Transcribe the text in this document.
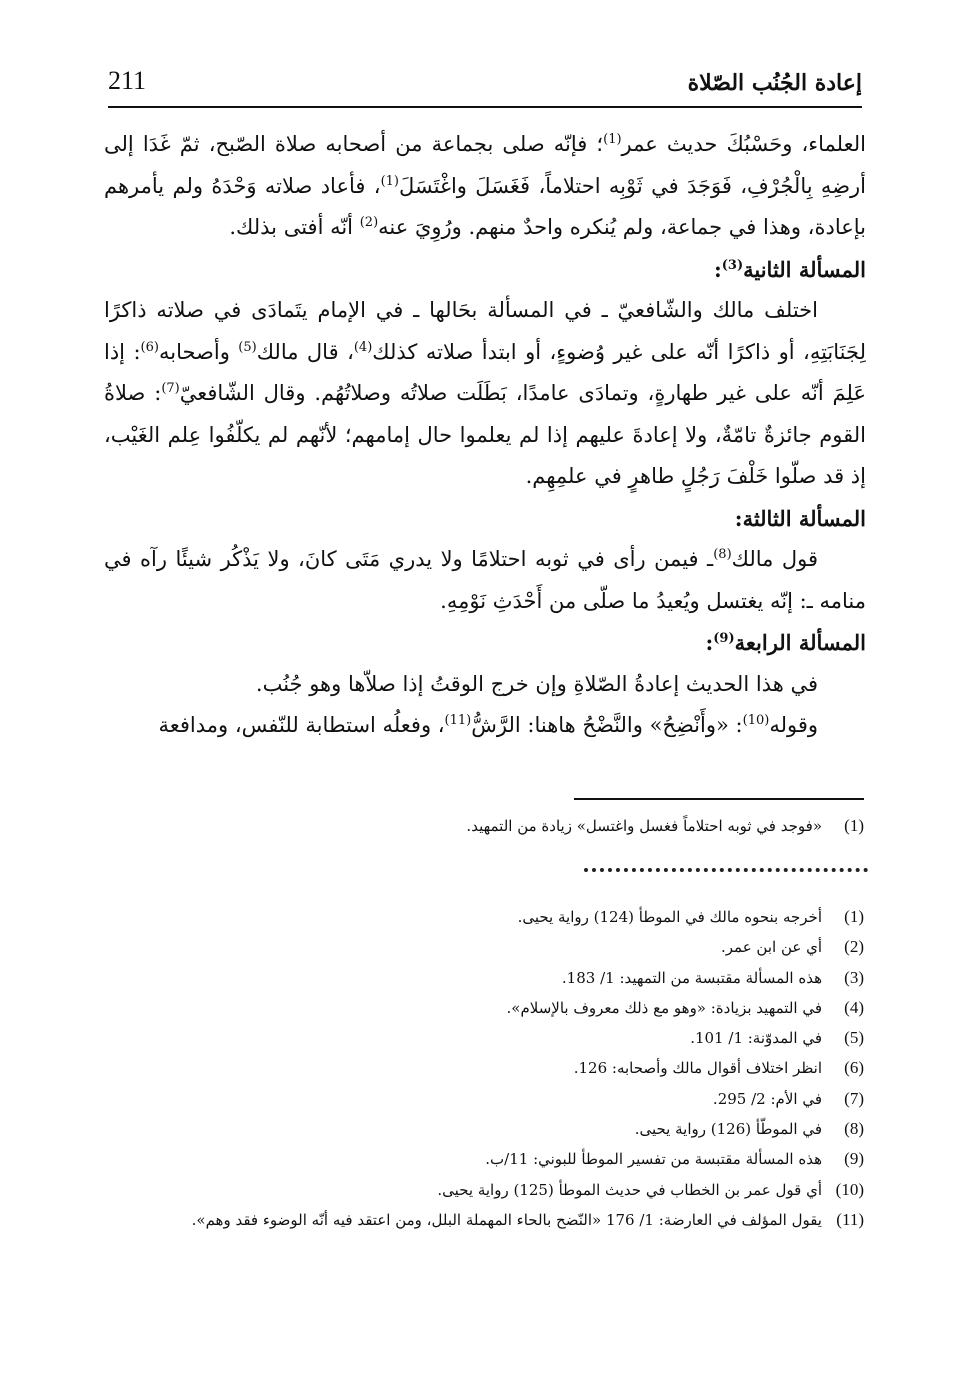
إعادة الجُنُب الصّلاة
211

العلماء، وحَسْبُكَ حديث عمر$^{(1)}$؛ فإنّه صلى بجماعة من أصحابه صلاة الصّبح، ثمّ غَدَا إلى أرضِهِ بِالْجُرْفِ، فَوَجَدَ في ثَوْبِه احتلاماً، فَغَسَلَ واغْتَسَلَ$^{(1)}$، فأعاد صلاته وَحْدَهُ ولم يأمرهم بإعادة، وهذا في جماعة، ولم يُنكره واحدٌ منهم. ورُوِيَ عنه$^{(2)}$ أنّه أفتى بذلك.

المسألة الثانية$^{(3)}$:

اختلف مالك والشّافعيّ ـ في المسألة بحَالها ـ في الإمام يتَمادَى في صلاته ذاكرًا لِجَنَابَتِهِ، أو ذاكرًا أنّه على غير وُضوءٍ، أو ابتدأ صلاته كذلك$^{(4)}$، قال مالك$^{(5)}$ وأصحابه$^{(6)}$: إذا عَلِمَ أنّه على غير طهارةٍ، وتمادَى عامدًا، بَطَلَت صلاتُه وصلاتُهُم. وقال الشّافعيّ$^{(7)}$: صلاةُ القوم جائزةٌ تامّةٌ، ولا إعادةَ عليهم إذا لم يعلموا حال إمامهم؛ لأنّهم لم يكلّفُوا عِلم الغَيْب، إذ قد صلّوا خَلْفَ رَجُلٍ طاهرٍ في علمِهِم.

المسألة الثالثة:

قول مالك$^{(8)}$ـ فيمن رأى في ثوبه احتلامًا ولا يدري مَتَى كانَ، ولا يَذْكُر شيئًا رآه في منامه ـ: إنّه يغتسل ويُعيدُ ما صلّى من أَحْدَثِ نَوْمِهِ.

المسألة الرابعة$^{(9)}$:

في هذا الحديث إعادةُ الصّلاةِ وإن خرج الوقتُ إذا صلاّها وهو جُنُب.

وقوله$^{(10)}$: «وأَنْضِحُ» والنَّضْحُ هاهنا: الرَّشُّ$^{(11)}$، وفعلُه استطابة للنّفس، ومدافعة

(1)
«فوجد في ثوبه احتلاماً فغسل واغتسل» زيادة من التمهيد.
(1)
أخرجه بنحوه مالك في الموطأ (124) رواية يحيى.
(2)
أي عن ابن عمر.
(3)
هذه المسألة مقتبسة من التمهيد: 1/ 183.
(4)
في التمهيد بزيادة: «وهو مع ذلك معروف بالإسلام».
(5)
في المدوّنة: 1/ 101.
(6)
انظر اختلاف أقوال مالك وأصحابه: 126.
(7)
في الأم: 2/ 295.
(8)
في الموطّأ (126) رواية يحيى.
(9)
هذه المسألة مقتبسة من تفسير الموطأ للبوني: 11/ب.
(10)
أي قول عمر بن الخطاب في حديث الموطأ (125) رواية يحيى.
(11)
يقول المؤلف في العارضة: 1/ 176 «النّضح بالحاء المهملة البلل، ومن اعتقد فيه أنّه الوضوء فقد وهم».
